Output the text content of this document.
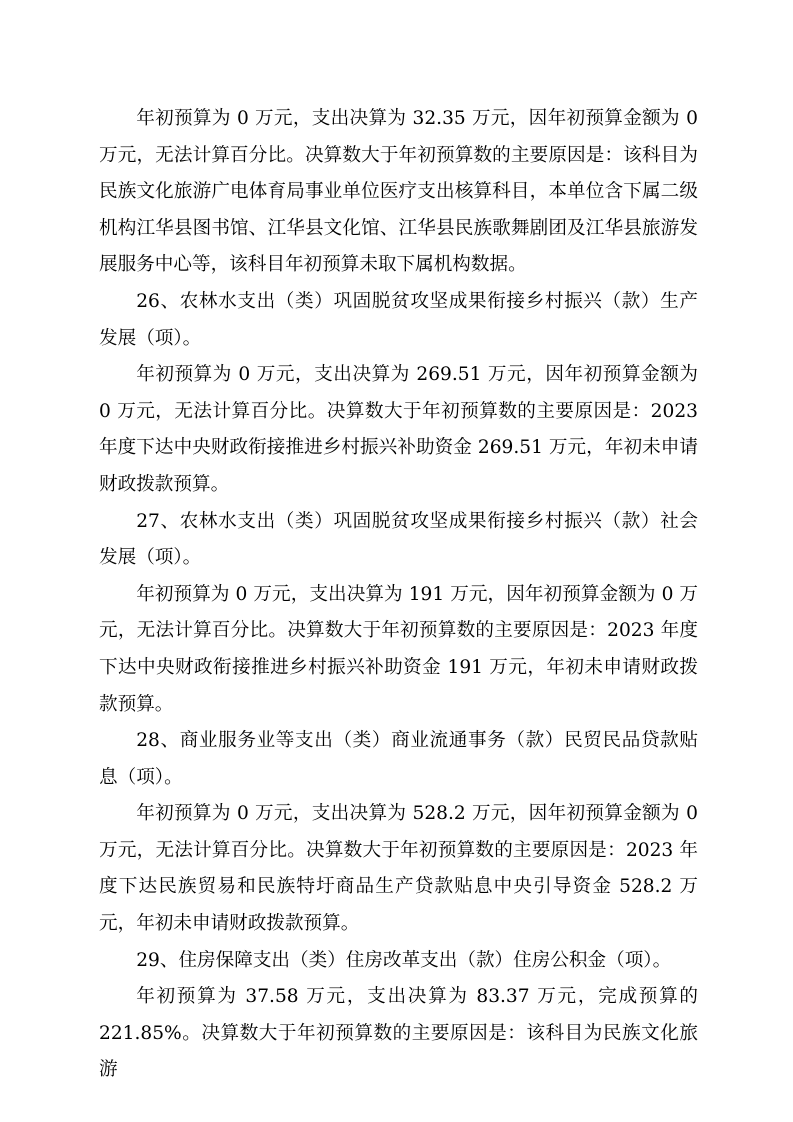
年初预算为 0 万元，支出决算为 32.35 万元，因年初预算金额为 0 万元，无法计算百分比。决算数大于年初预算数的主要原因是：该科目为民族文化旅游广电体育局事业单位医疗支出核算科目，本单位含下属二级机构江华县图书馆、江华县文化馆、江华县民族歌舞剧团及江华县旅游发展服务中心等，该科目年初预算未取下属机构数据。

26、农林水支出（类）巩固脱贫攻坚成果衔接乡村振兴（款）生产发展（项）。

年初预算为 0 万元，支出决算为 269.51 万元，因年初预算金额为 0 万元，无法计算百分比。决算数大于年初预算数的主要原因是：2023 年度下达中央财政衔接推进乡村振兴补助资金 269.51 万元，年初未申请财政拨款预算。

27、农林水支出（类）巩固脱贫攻坚成果衔接乡村振兴（款）社会发展（项）。

年初预算为 0 万元，支出决算为 191 万元，因年初预算金额为 0 万元，无法计算百分比。决算数大于年初预算数的主要原因是：2023 年度下达中央财政衔接推进乡村振兴补助资金 191 万元，年初未申请财政拨款预算。

28、商业服务业等支出（类）商业流通事务（款）民贸民品贷款贴息（项）。

年初预算为 0 万元，支出决算为 528.2 万元，因年初预算金额为 0 万元，无法计算百分比。决算数大于年初预算数的主要原因是：2023 年度下达民族贸易和民族特圩商品生产贷款贴息中央引导资金 528.2 万元，年初未申请财政拨款预算。

29、住房保障支出（类）住房改革支出（款）住房公积金（项）。

年初预算为 37.58 万元，支出决算为 83.37 万元，完成预算的 221.85%。决算数大于年初预算数的主要原因是：该科目为民族文化旅游
